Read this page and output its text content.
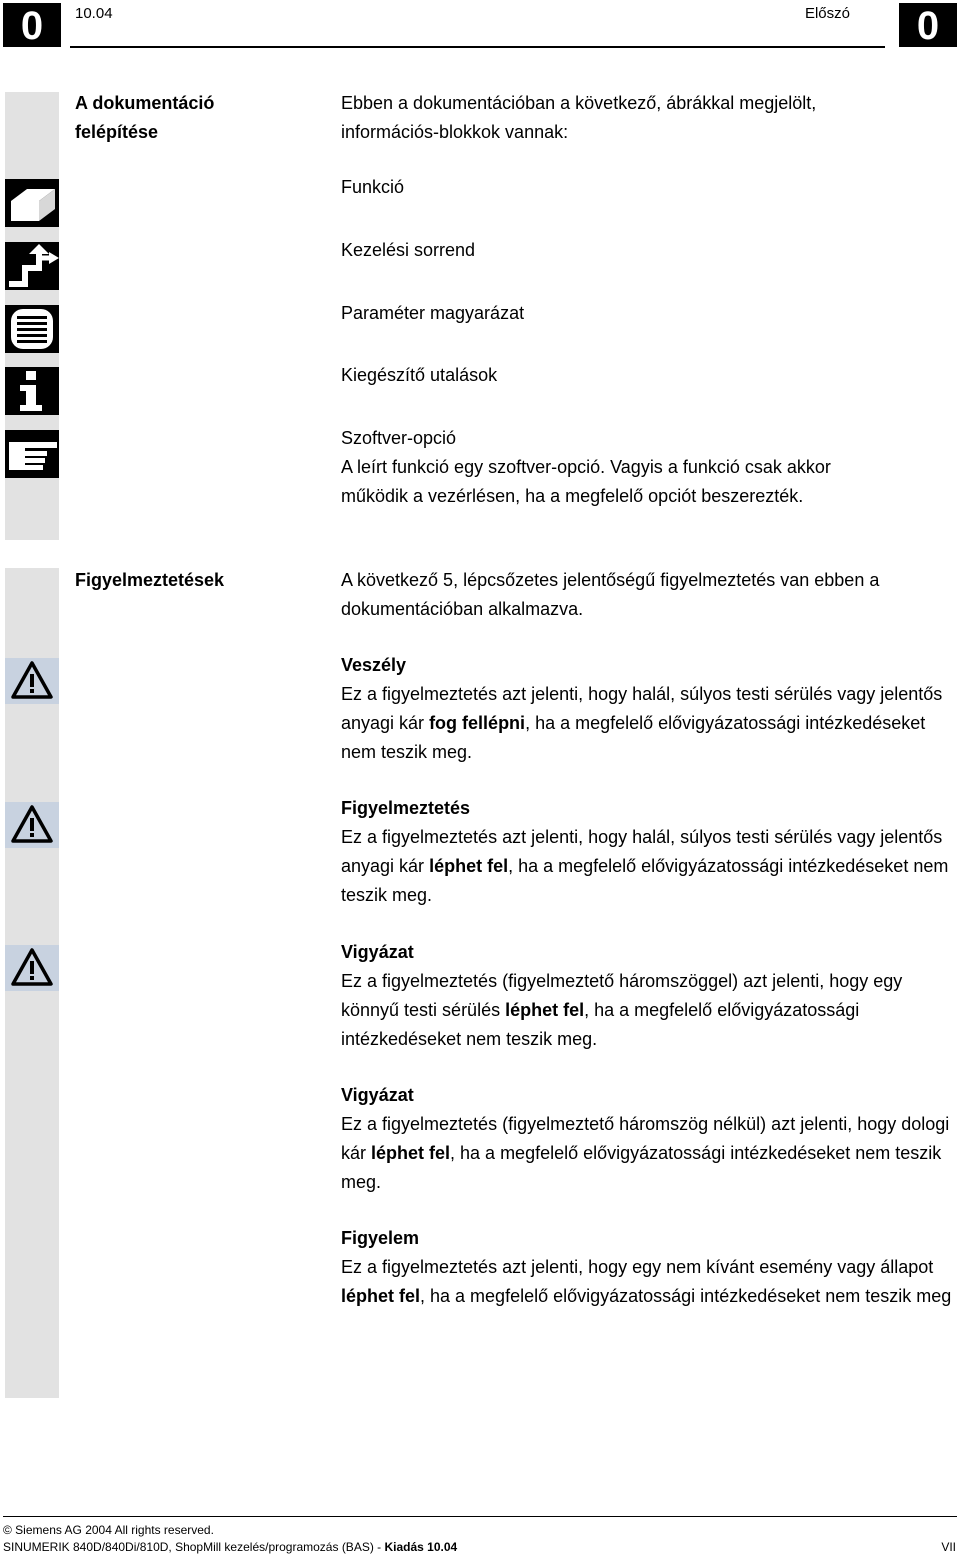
0	10.04	Előszó	0
A dokumentáció
felépítése
Ebben a dokumentációban a következő, ábrákkal megjelölt, információs-blokkok vannak:
Funkció
Kezelési sorrend
Paraméter magyarázat
Kiegészítő utalások

Szoftver-opció

A leírt funkció egy szoftver-opció. Vagyis a funkció csak akkor működik a vezérlésen, ha a megfelelő opciót beszerezték.

Figyelmeztetések	A következő 5, lépcsőzetes jelentőségű figyelmeztetés van ebben a dokumentációban alkalmazva.

Veszély

Ez a figyelmeztetés azt jelenti, hogy halál, súlyos testi sérülés vagy jelentős anyagi kár fog fellépni, ha a megfelelő elővigyázatossági intézkedéseket nem teszik meg.

Figyelmeztetés

Ez a figyelmeztetés azt jelenti, hogy halál, súlyos testi sérülés vagy jelentős anyagi kár léphet fel, ha a megfelelő elővigyázatossági intézkedéseket nem teszik meg.

Vigyázat

Ez a figyelmeztetés (figyelmeztető háromszöggel) azt jelenti, hogy egy könnyű testi sérülés léphet fel, ha a megfelelő elővigyázatossági intézkedéseket nem teszik meg.

Vigyázat

Ez a figyelmeztetés (figyelmeztető háromszög nélkül) azt jelenti, hogy dologi kár léphet fel, ha a megfelelő elővigyázatossági intézkedéseket nem teszik meg.

Figyelem

Ez a figyelmeztetés azt jelenti, hogy egy nem kívánt esemény vagy állapot léphet fel, ha a megfelelő elővigyázatossági intézkedéseket nem teszik meg

© Siemens AG 2004 All rights reserved.
SINUMERIK 840D/840Di/810D, ShopMill kezelés/programozás (BAS) - Kiadás 10.04	VII
